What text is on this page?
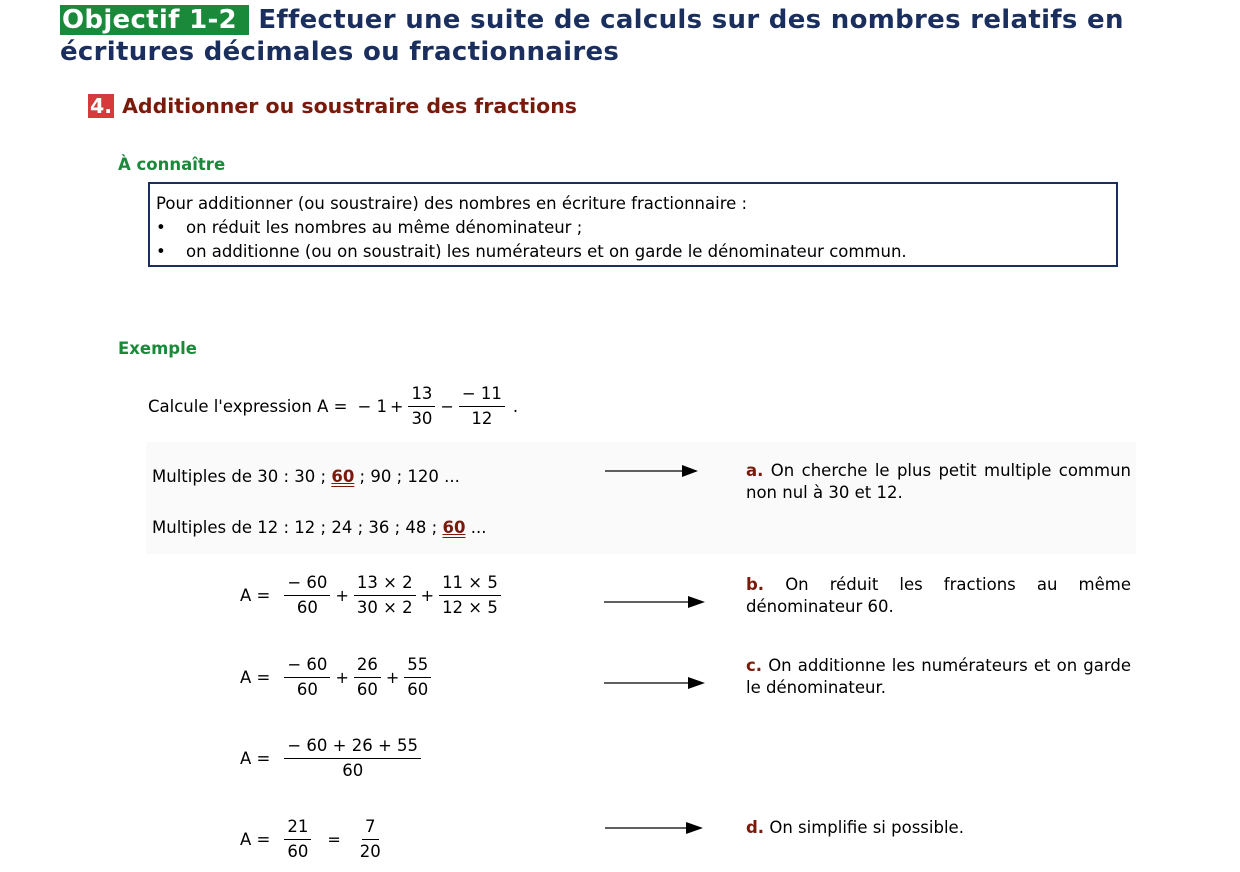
Objectif 1-2 Effectuer une suite de calculs sur des nombres relatifs en
écritures décimales ou fractionnaires
4. Additionner ou soustraire des fractions
À connaître
Pour additionner (ou soustraire) des nombres en écriture fractionnaire :
•	on réduit les nombres au même dénominateur ;
•	on additionne (ou on soustrait) les numérateurs et on garde le dénominateur commun.
Exemple
Calcule l'expression A = − $1 + \frac{13}{30} - \frac{- 11}{12}$ .
Multiples de 30 : 30 ; 60 ; 90 ; 120 ...
Multiples de 12 : 12 ; 24 ; 36 ; 48 ; 60 ...
a. On cherche le plus petit multiple commun non nul à 30 et 12.
b. On réduit les fractions au même dénominateur 60.
c. On additionne les numérateurs et on garde le dénominateur.
d. On simplifie si possible.
$A = \frac{- 60}{60} + \frac{13 \times 2}{30 \times 2} + \frac{11 \times 5}{12 \times 5}$
$A = \frac{- 60}{60} + \frac{26}{60} + \frac{55}{60}$
$A = \frac{- 60 + 26 + 55}{60}$
$A = \frac{21}{60} = \frac{7}{20}$
